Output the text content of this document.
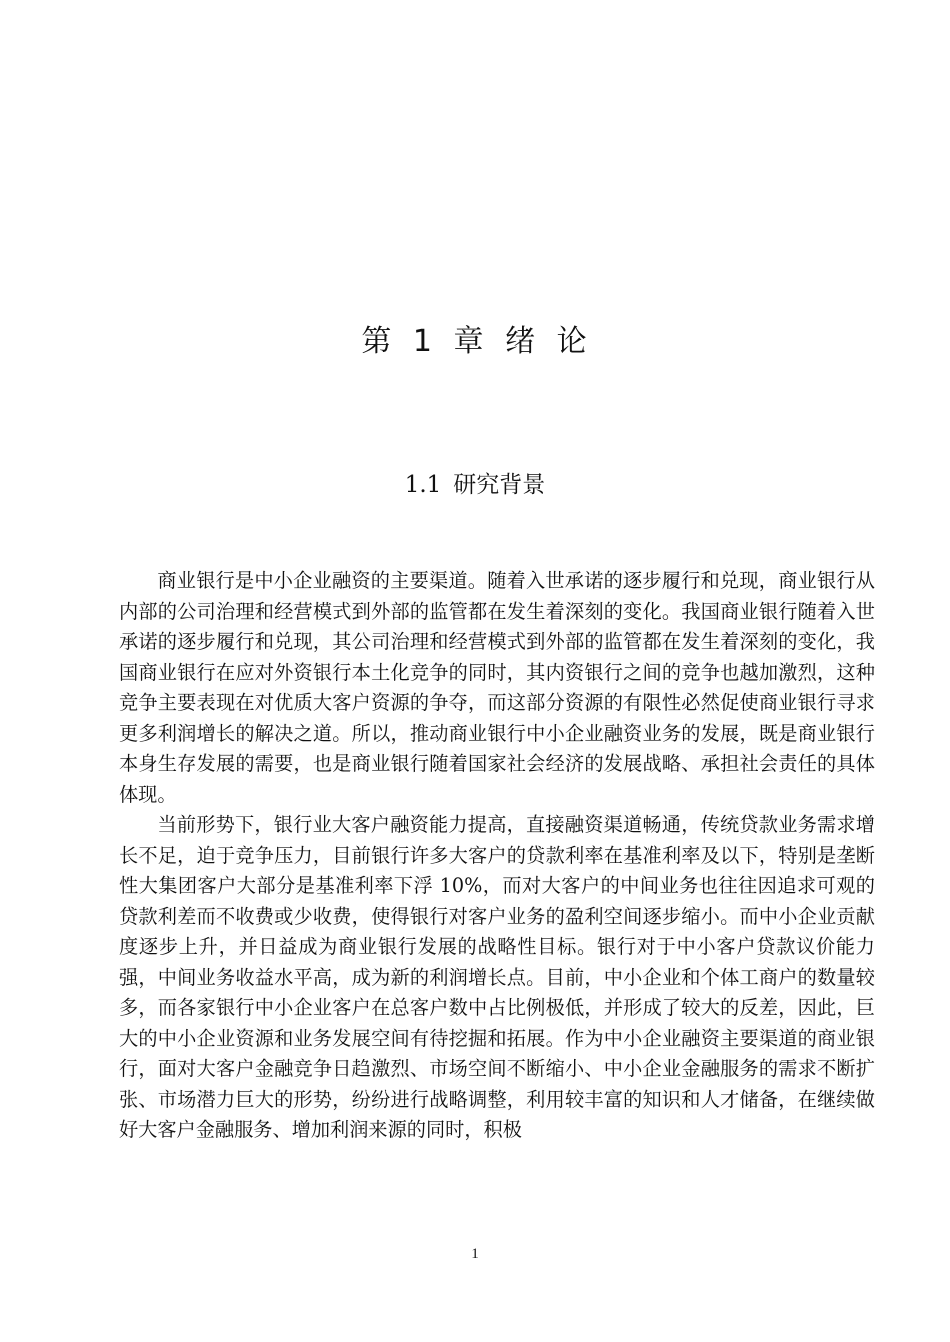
第 1 章 绪 论
1.1 研究背景

商业银行是中小企业融资的主要渠道。随着入世承诺的逐步履行和兑现，商业银行从内部的公司治理和经营模式到外部的监管都在发生着深刻的变化。我国商业银行随着入世承诺的逐步履行和兑现，其公司治理和经营模式到外部的监管都在发生着深刻的变化，我国商业银行在应对外资银行本土化竞争的同时，其内资银行之间的竞争也越加激烈，这种竞争主要表现在对优质大客户资源的争夺，而这部分资源的有限性必然促使商业银行寻求更多利润增长的解决之道。所以，推动商业银行中小企业融资业务的发展，既是商业银行本身生存发展的需要，也是商业银行随着国家社会经济的发展战略、承担社会责任的具体体现。

当前形势下，银行业大客户融资能力提高，直接融资渠道畅通，传统贷款业务需求增长不足，迫于竞争压力，目前银行许多大客户的贷款利率在基准利率及以下，特别是垄断性大集团客户大部分是基准利率下浮 10%，而对大客户的中间业务也往往因追求可观的贷款利差而不收费或少收费，使得银行对客户业务的盈利空间逐步缩小。而中小企业贡献度逐步上升，并日益成为商业银行发展的战略性目标。银行对于中小客户贷款议价能力强，中间业务收益水平高，成为新的利润增长点。目前，中小企业和个体工商户的数量较多，而各家银行中小企业客户在总客户数中占比例极低，并形成了较大的反差，因此，巨大的中小企业资源和业务发展空间有待挖掘和拓展。作为中小企业融资主要渠道的商业银行，面对大客户金融竞争日趋激烈、市场空间不断缩小、中小企业金融服务的需求不断扩张、市场潜力巨大的形势，纷纷进行战略调整，利用较丰富的知识和人才储备，在继续做好大客户金融服务、增加利润来源的同时，积极

1
